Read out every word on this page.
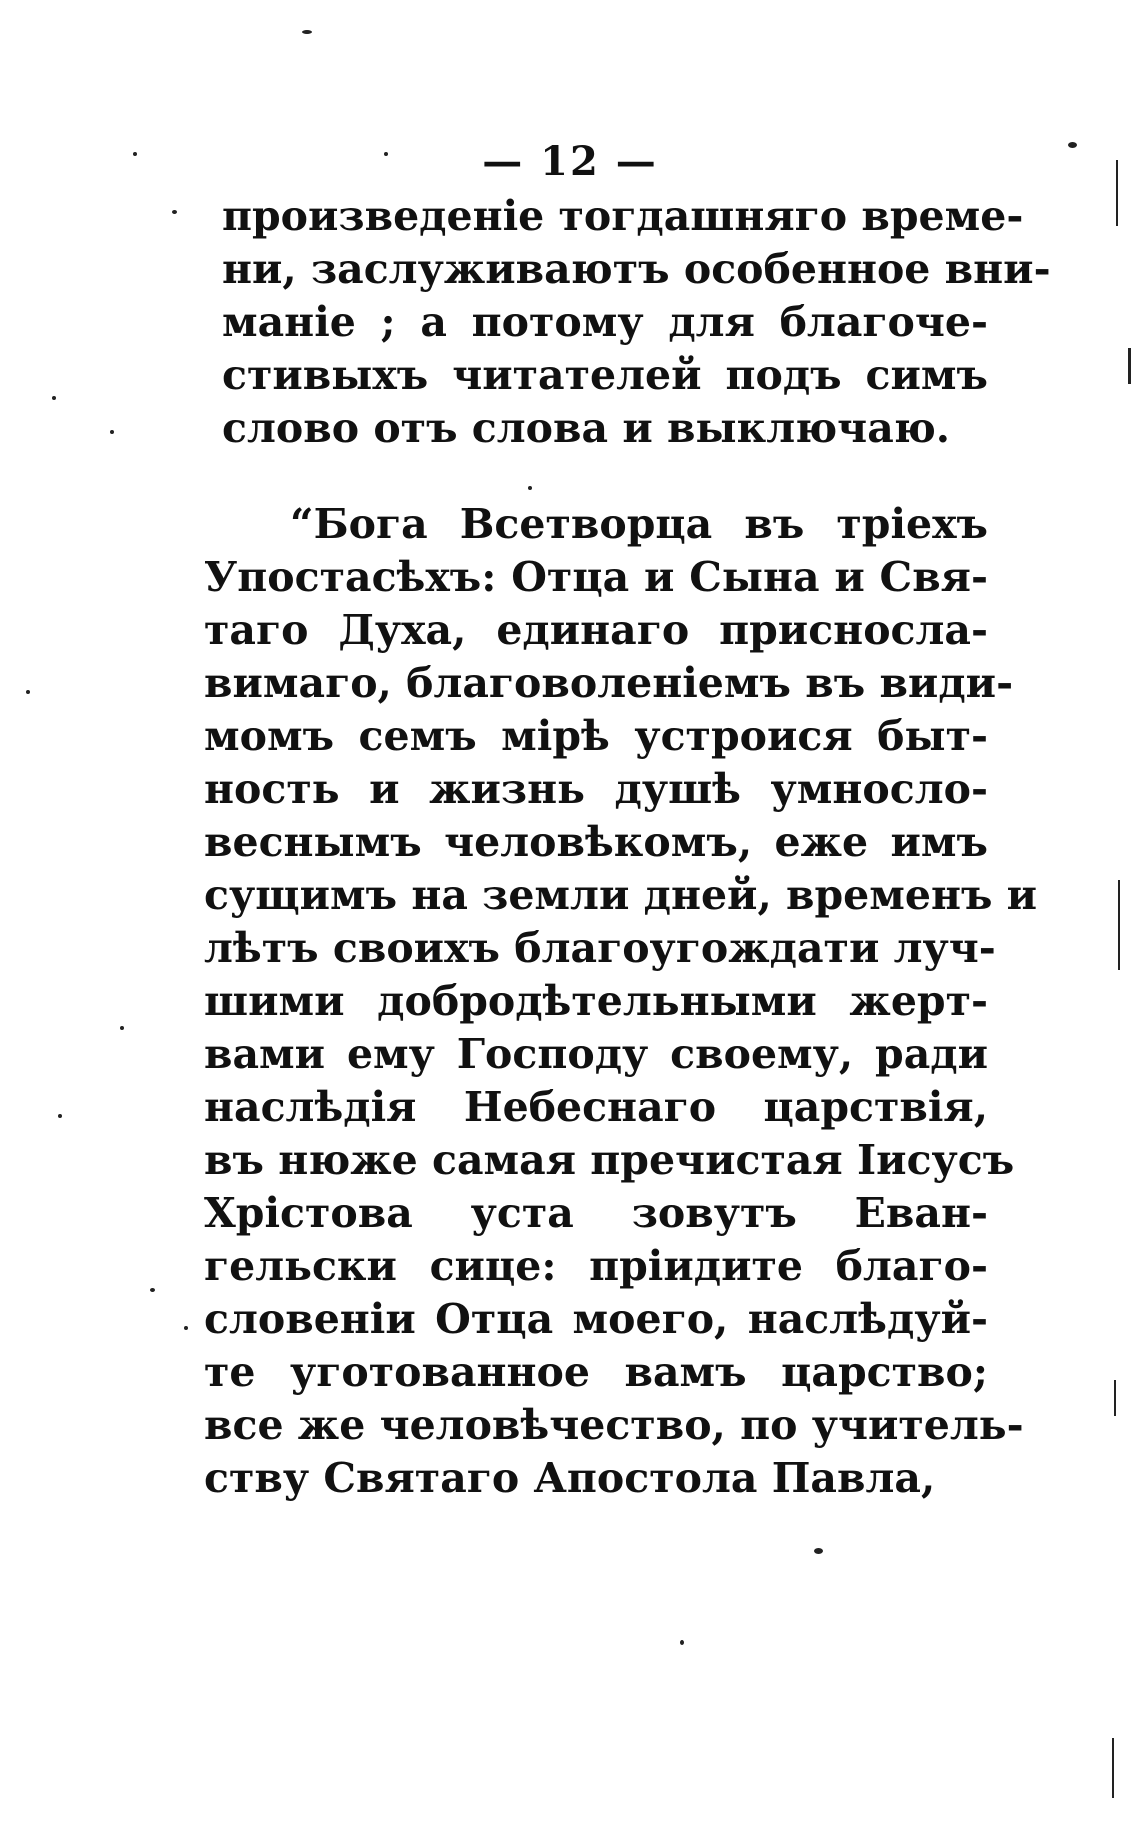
— 12 —
произведеніе тогдашняго време-
ни, заслуживаютъ особенное вни-
маніе ; а потому для благоче-
стивыхъ читателей подъ симъ
слово отъ слова и выключаю.
“Бога Всетворца въ тріехъ
Упостасѣхъ: Отца и Сына и Свя-
таго Духа, единаго присносла-
вимаго, благоволеніемъ въ види-
момъ семъ мірѣ устроися быт-
ность и жизнь душѣ умносло-
веснымъ человѣкомъ, еже имъ
сущимъ на земли дней, временъ и
лѣтъ своихъ благоугождати луч-
шими добродѣтельными жерт-
вами ему Господу своему, ради
наслѣдія Небеснаго царствія,
въ нюже самая пречистая Іисусъ
Хрістова уста зовутъ Еван-
гельски сице: пріидите благо-
словеніи Отца моего, наслѣдуй-
те уготованное вамъ царство;
все же человѣчество, по учитель-
ству Святаго Апостола Павла,
